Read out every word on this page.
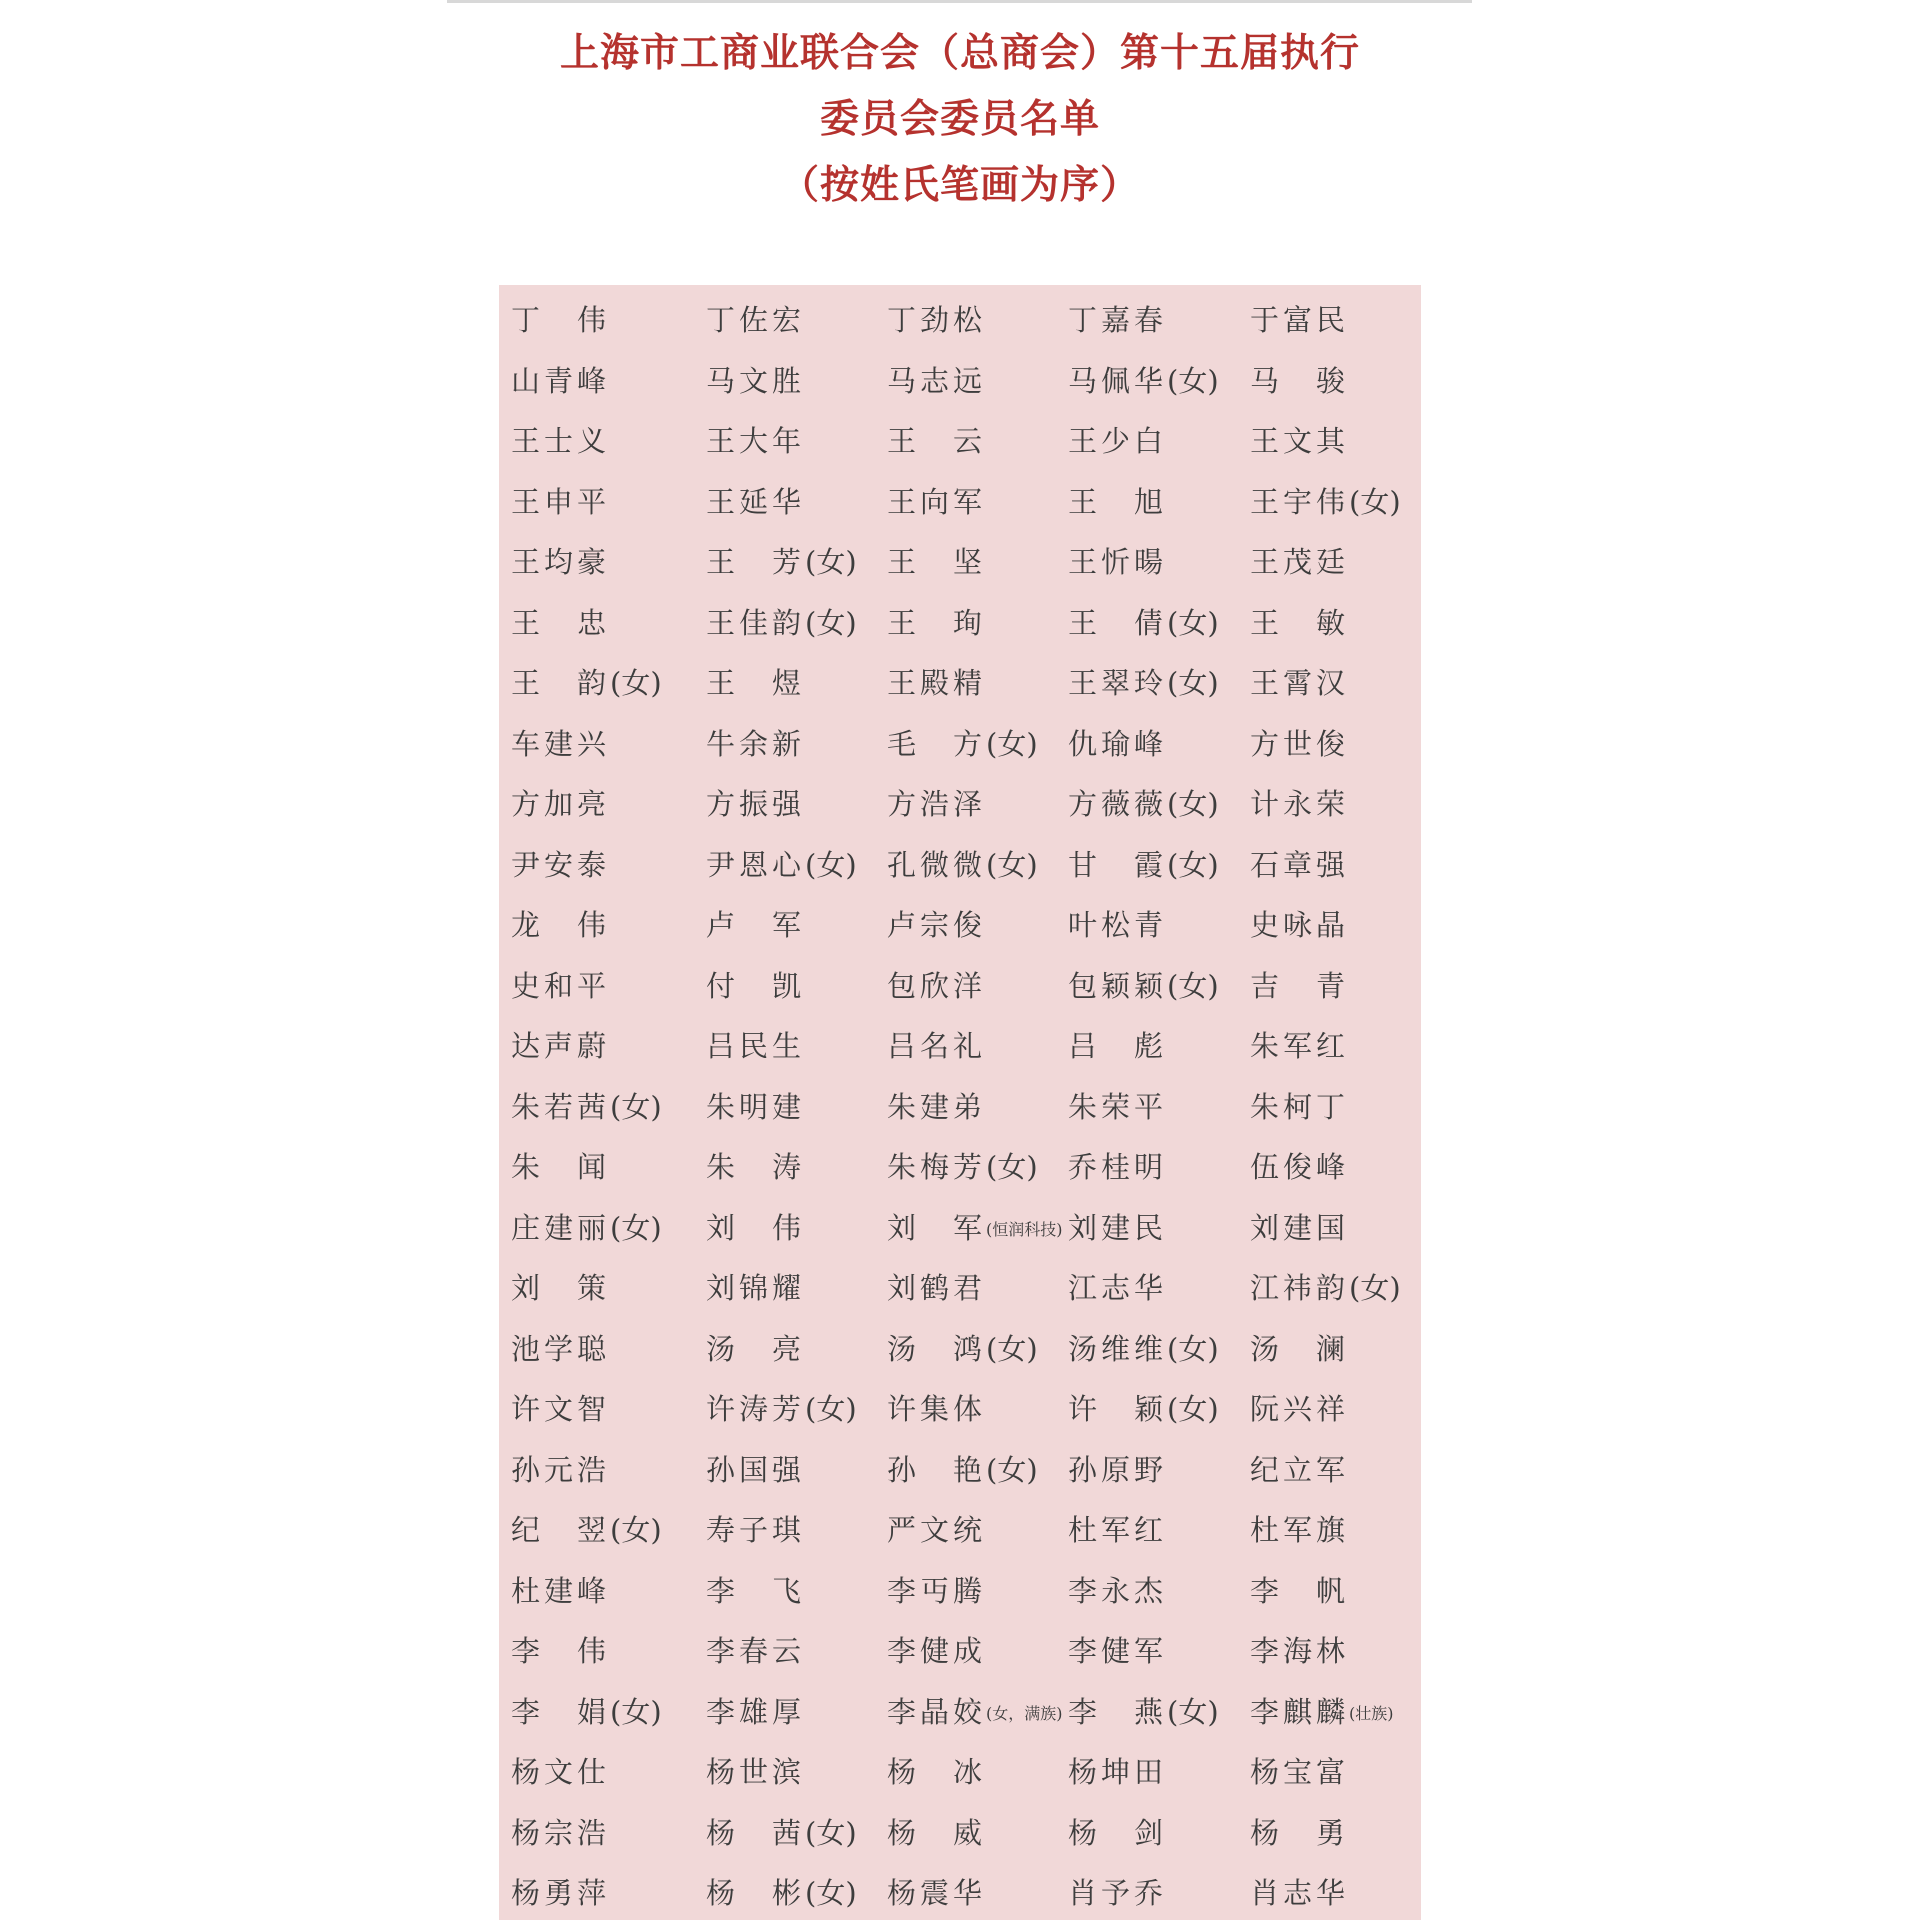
上海市工商业联合会（总商会）第十五届执行
委员会委员名单
（按姓氏笔画为序）
丁　伟	丁佐宏	丁劲松	丁嘉春	于富民
山青峰	马文胜	马志远	马佩华(女) 马　骏
王士义	王大年	王　云	王少白	王文其
王申平	王延华	王向军	王　旭	王宇伟(女)
王均豪	王　芳(女) 王　坚	王忻暘	王茂廷
王　忠	王佳韵(女) 王　珣	王　倩(女) 王　敏
王　韵(女) 王　煜	王殿精	王翠玲(女) 王霄汉
车建兴	牛余新	毛　方(女) 仇瑜峰	方世俊
方加亮	方振强	方浩泽	方薇薇(女) 计永荣
尹安泰	尹恩心(女) 孔微微(女) 甘　霞(女) 石章强
龙　伟	卢　军	卢宗俊	叶松青	史咏晶
史和平	付　凯	包欣洋	包颖颖(女) 吉　青
达声蔚	吕民生	吕名礼	吕　彪	朱军红
朱若茜(女) 朱明建	朱建弟	朱荣平	朱柯丁
朱　闻	朱　涛	朱梅芳(女) 乔桂明	伍俊峰
庄建丽(女) 刘　伟	刘　军(恒润科技) 刘建民	刘建国
刘　策	刘锦耀	刘鹤君	江志华	江祎韵(女)
池学聪	汤　亮	汤　鸿(女) 汤维维(女) 汤　澜
许文智	许涛芳(女) 许集体	许　颖(女) 阮兴祥
孙元浩	孙国强	孙　艳(女) 孙原野	纪立军
纪　翌(女) 寿子琪	严文统	杜军红	杜军旗
杜建峰	李　飞	李丏腾	李永杰	李　帆
李　伟	李春云	李健成	李健军	李海林
李　娟(女) 李雄厚	李晶姣(女，满族) 李　燕(女) 李麒麟(壮族)
杨文仕	杨世滨	杨　冰	杨坤田	杨宝富
杨宗浩	杨　茜(女) 杨　威	杨　剑	杨　勇
杨勇萍	杨　彬(女) 杨震华	肖予乔	肖志华
